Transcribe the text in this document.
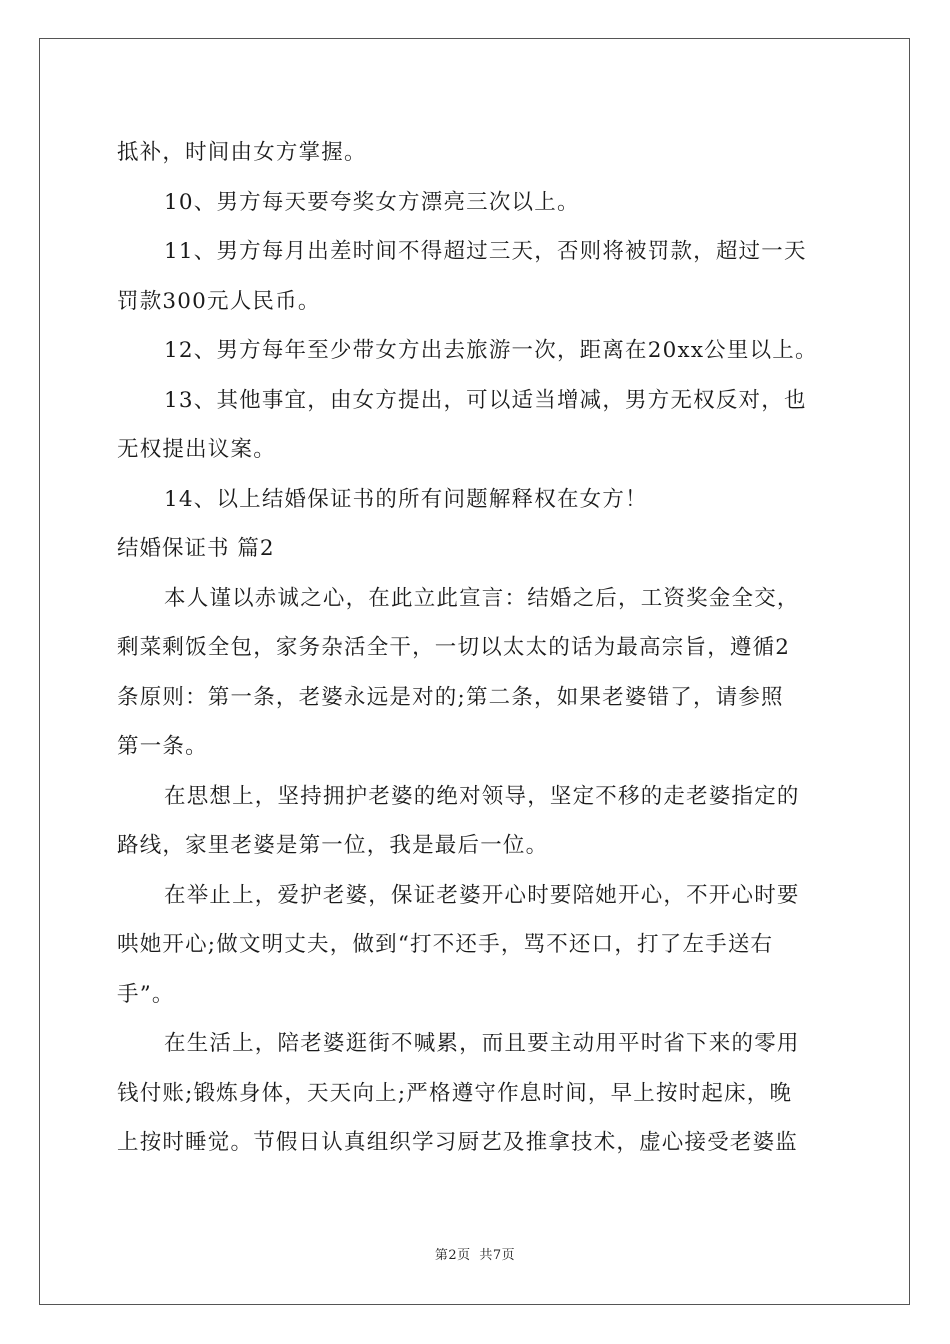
抵补，时间由女方掌握。
10、男方每天要夸奖女方漂亮三次以上。
11、男方每月出差时间不得超过三天，否则将被罚款，超过一天
罚款300元人民币。
12、男方每年至少带女方出去旅游一次，距离在20xx公里以上。
13、其他事宜，由女方提出，可以适当增减，男方无权反对，也
无权提出议案。
14、以上结婚保证书的所有问题解释权在女方！
结婚保证书 篇2
本人谨以赤诚之心，在此立此宣言：结婚之后，工资奖金全交，
剩菜剩饭全包，家务杂活全干，一切以太太的话为最高宗旨，遵循2
条原则：第一条，老婆永远是对的;第二条，如果老婆错了，请参照
第一条。
在思想上，坚持拥护老婆的绝对领导，坚定不移的走老婆指定的
路线，家里老婆是第一位，我是最后一位。
在举止上，爱护老婆，保证老婆开心时要陪她开心，不开心时要
哄她开心;做文明丈夫，做到“打不还手，骂不还口，打了左手送右
手”。
在生活上，陪老婆逛街不喊累，而且要主动用平时省下来的零用
钱付账;锻炼身体，天天向上;严格遵守作息时间，早上按时起床，晚
上按时睡觉。节假日认真组织学习厨艺及推拿技术，虚心接受老婆监
第2页 共7页
